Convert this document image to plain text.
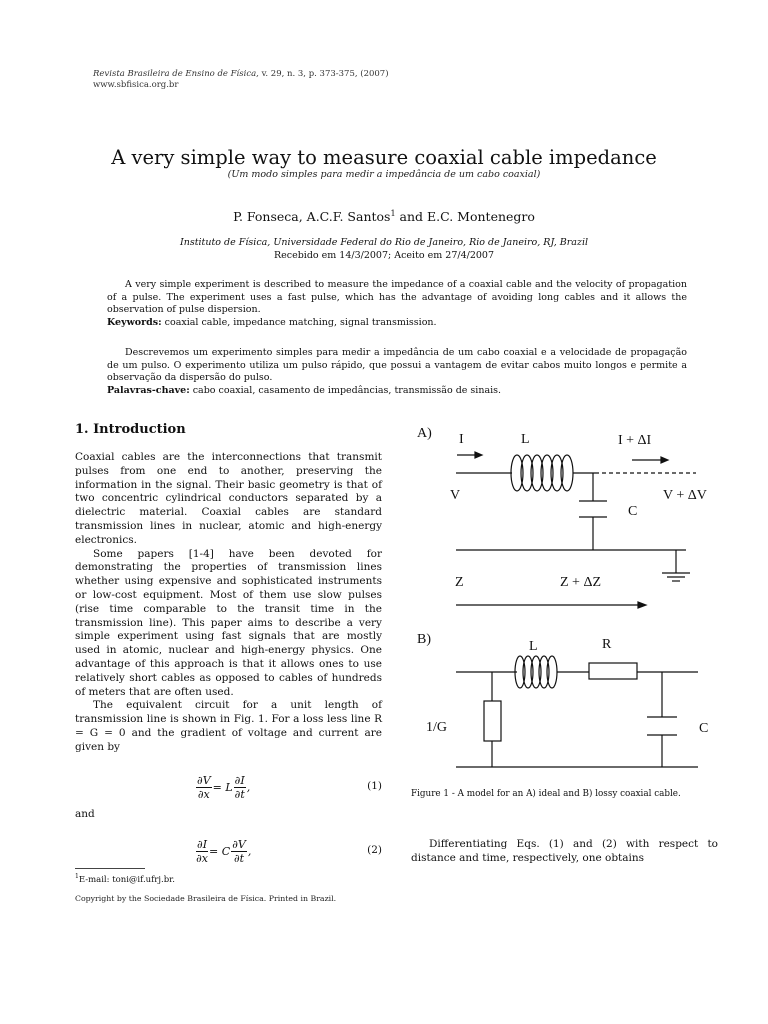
Revista Brasileira de Ensino de Física, v. 29, n. 3, p. 373-375, (2007)
www.sbfisica.org.br
A very simple way to measure coaxial cable impedance
(Um modo simples para medir a impedância de um cabo coaxial)
P. Fonseca, A.C.F. Santos$^1$ and E.C. Montenegro
Instituto de Física, Universidade Federal do Rio de Janeiro, Rio de Janeiro, RJ, Brazil
Recebido em 14/3/2007; Aceito em 27/4/2007

A very simple experiment is described to measure the impedance of a coaxial cable and the velocity of propagation of a pulse. The experiment uses a fast pulse, which has the advantage of avoiding long cables and it allows the observation of pulse dispersion.

Keywords: coaxial cable, impedance matching, signal transmission.

Descrevemos um experimento simples para medir a impedância de um cabo coaxial e a velocidade de propagação de um pulso. O experimento utiliza um pulso rápido, que possui a vantagem de evitar cabos muito longos e permite a observação da dispersão do pulso.

Palavras-chave: cabo coaxial, casamento de impedâncias, transmissão de sinais.

1. Introduction

Coaxial cables are the interconnections that transmit pulses from one end to another, preserving the information in the signal. Their basic geometry is that of two concentric cylindrical conductors separated by a dielectric material. Coaxial cables are standard transmission lines in nuclear, atomic and high-energy electronics.

Some papers [1-4] have been devoted for demonstrating the properties of transmission lines whether using expensive and sophisticated instruments or low-cost equipment. Most of them use slow pulses (rise time comparable to the transit time in the transmission line). This paper aims to describe a very simple experiment using fast signals that are mostly used in atomic, nuclear and high-energy physics. One advantage of this approach is that it allows ones to use relatively short cables as opposed to cables of hundreds of meters that are often used.

The equivalent circuit for a unit length of transmission line is shown in Fig. 1. For a loss less line R = G = 0 and the gradient of voltage and current are given by

$\frac{\partial V}{\partial x} = L \frac{\partial I}{\partial t}$ ,	(1)
and
$\frac{\partial I}{\partial x} = C \frac{\partial V}{\partial t}$ ,	(2)
$^1$E-mail: toni@if.ufrj.br.
Copyright by the Sociedade Brasileira de Física. Printed in Brazil.
A) I	L	I + ΔI
V	V + ΔV
C
Z	Z + ΔZ
B)	L	R
1/G	C
Figure 1 - A model for an A) ideal and B) lossy coaxial cable.

Differentiating Eqs. (1) and (2) with respect to distance and time, respectively, one obtains
